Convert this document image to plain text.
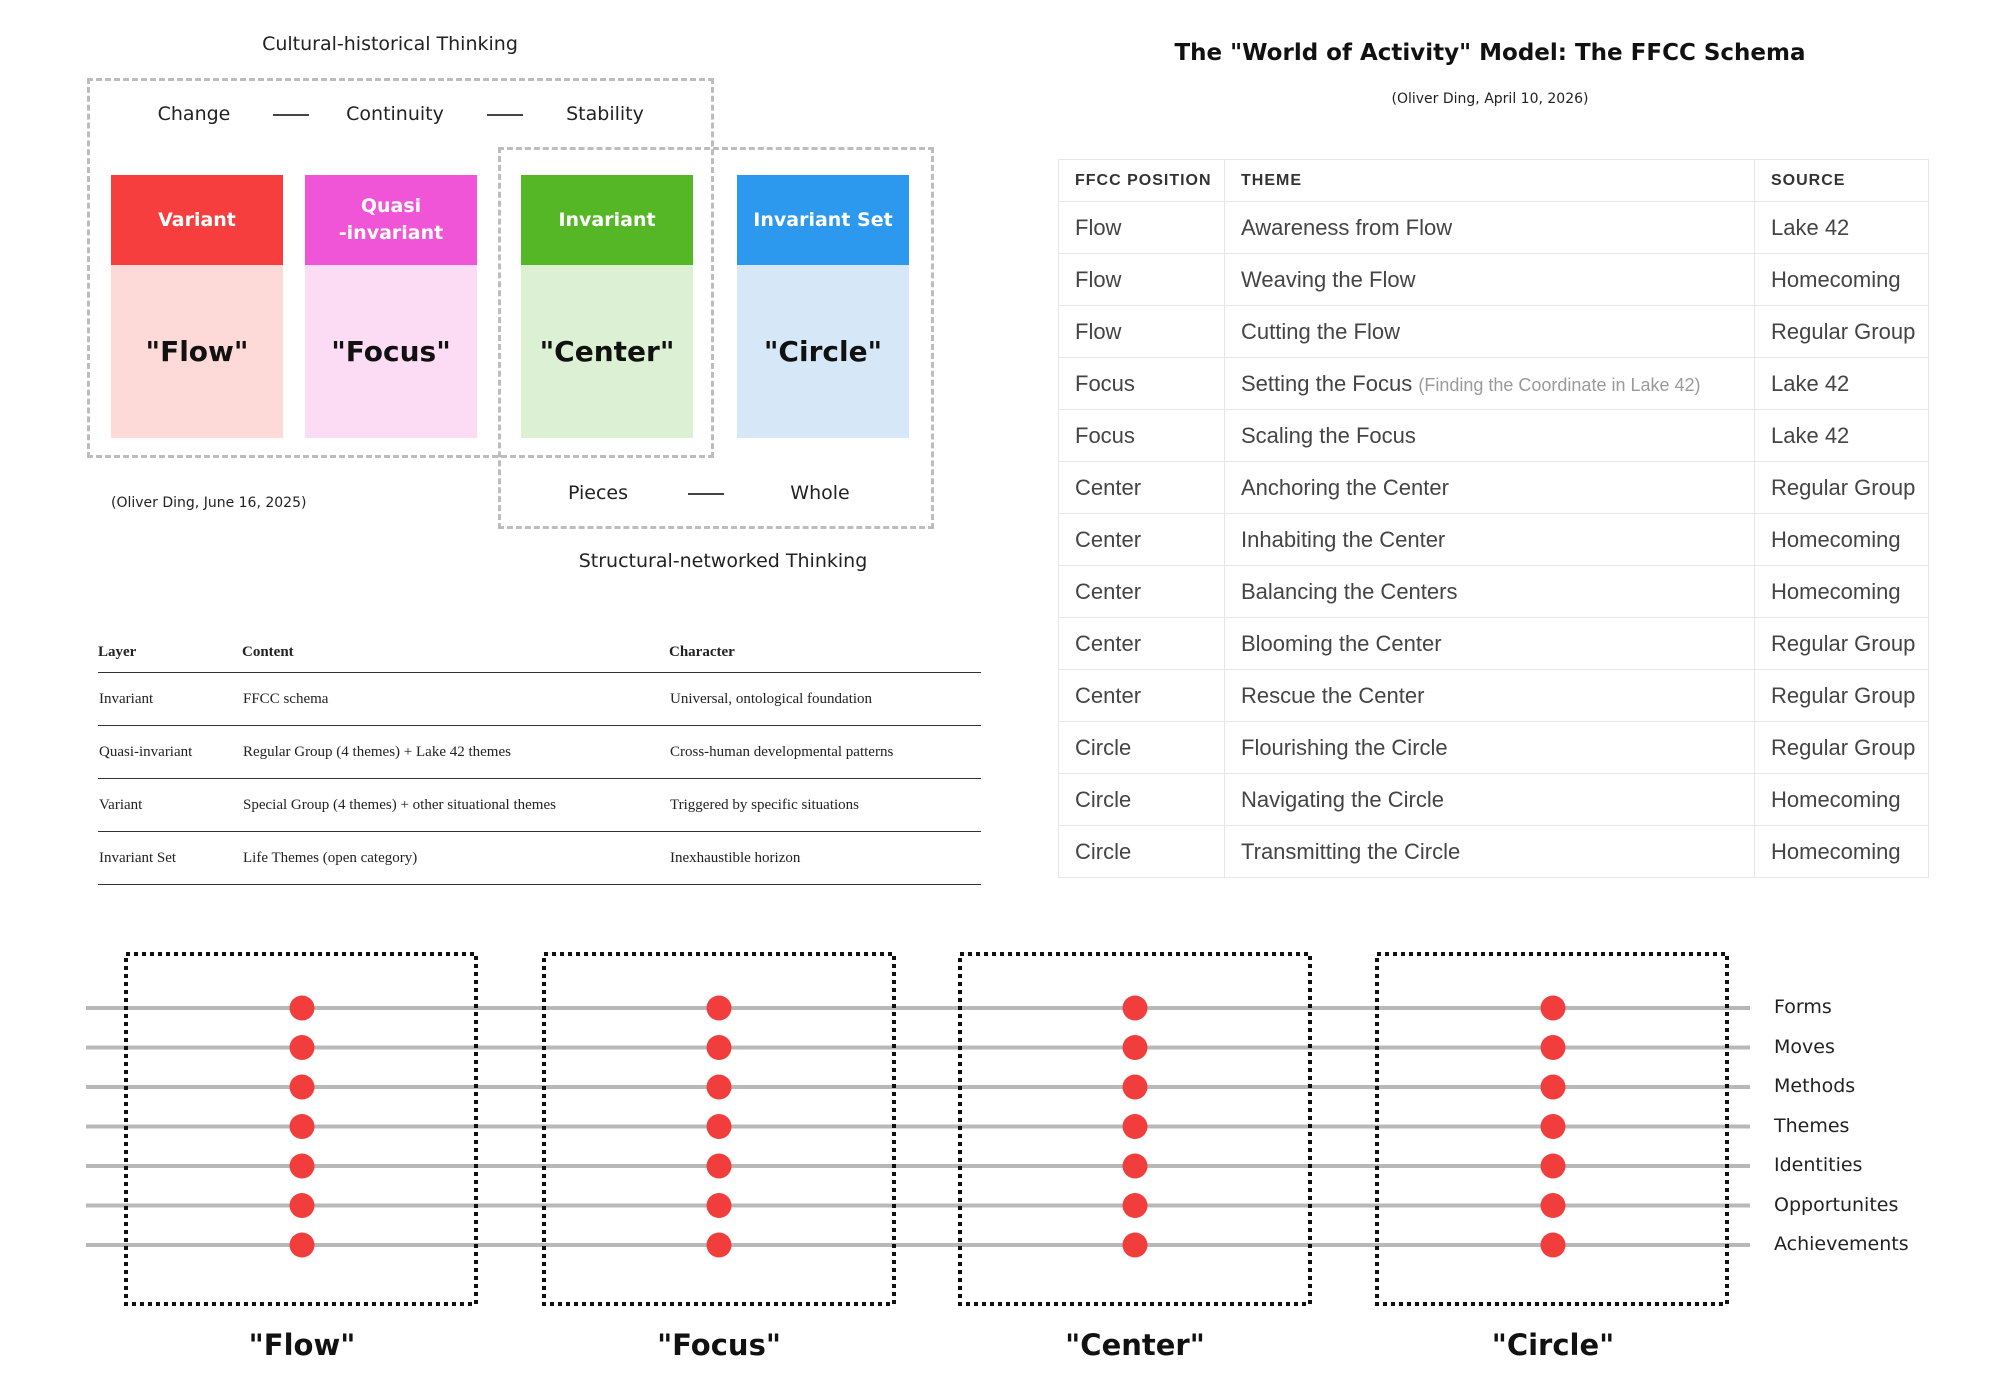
Cultural-historical Thinking
Change	Continuity	Stability
Variant
"Flow"
Quasi
-invariant
"Focus"
Invariant
"Center"
Invariant Set
"Circle"
(Oliver Ding, June 16, 2025)	Pieces	Whole
Structural-networked Thinking
Layer	Content	Character
Invariant	FFCC schema	Universal, ontological foundation
Quasi-invariant	Regular Group (4 themes) + Lake 42 themes	Cross-human developmental patterns
Variant	Special Group (4 themes) + other situational themes	Triggered by specific situations
Invariant Set	Life Themes (open category)	Inexhaustible horizon
The "World of Activity" Model: The FFCC Schema
(Oliver Ding, April 10, 2026)
FFCC POSITION	THEME	SOURCE
Flow	Awareness from Flow	Lake 42
Flow	Weaving the Flow	Homecoming
Flow	Cutting the Flow	Regular Group
Focus	Setting the Focus (Finding the Coordinate in Lake 42)	Lake 42
Focus	Scaling the Focus	Lake 42
Center	Anchoring the Center	Regular Group
Center	Inhabiting the Center	Homecoming
Center	Balancing the Centers	Homecoming
Center	Blooming the Center	Regular Group
Center	Rescue the Center	Regular Group
Circle	Flourishing the Circle	Regular Group
Circle	Navigating the Circle	Homecoming
Circle	Transmitting the Circle	Homecoming
Forms
Moves
Methods
Themes
Identities
Opportunites
Achievements
"Flow"	"Focus"	"Center"	"Circle"
